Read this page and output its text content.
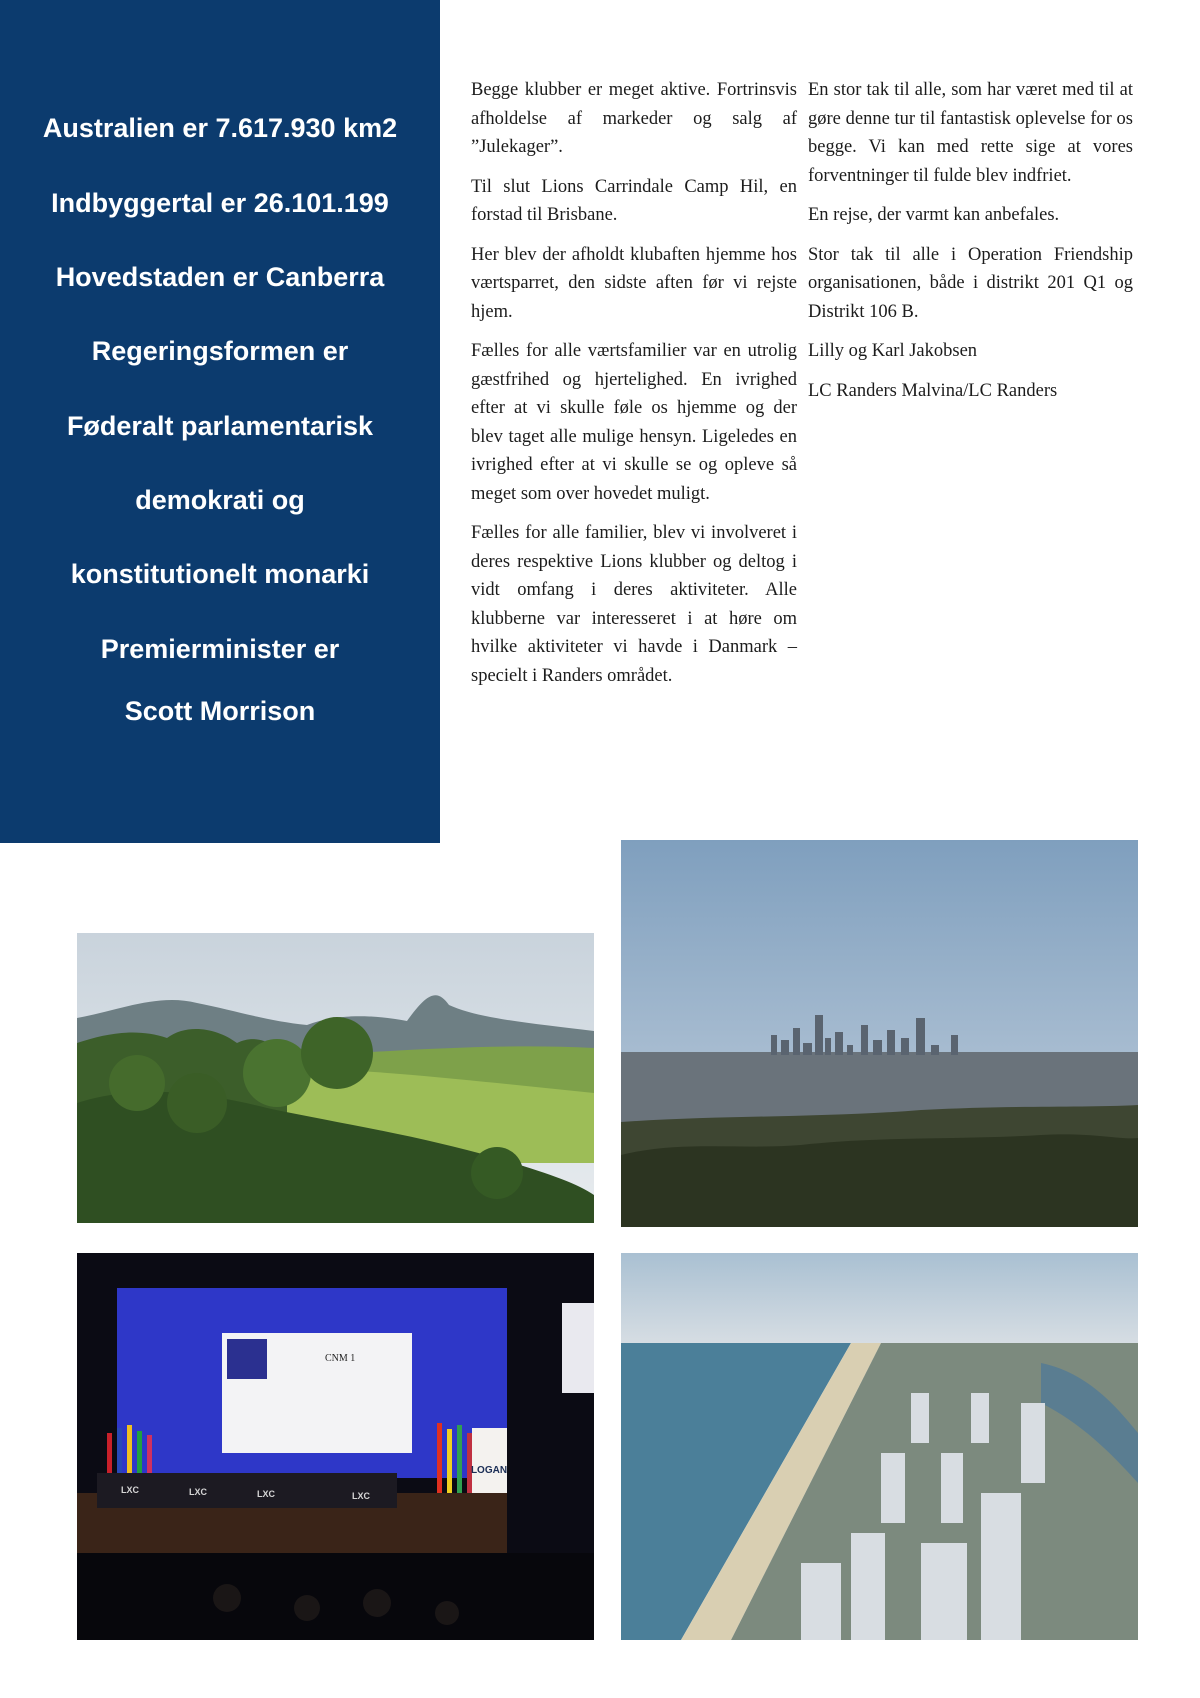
Australien er 7.617.930 km2
Indbyggertal er 26.101.199
Hovedstaden er Canberra
Regeringsformen er
Føderalt parlamentarisk
demokrati og
konstitutionelt monarki
Premierminister er
Scott Morrison

Begge klubber er meget aktive. Fortrinsvis afholdelse af markeder og salg af ”Julekager”.

Til slut Lions Carrindale Camp Hil, en forstad til Brisbane.

Her blev der afholdt klubaften hjemme hos værtsparret, den sidste aften før vi rejste hjem.

Fælles for alle værtsfamilier var en utrolig gæstfrihed og hjertelighed. En ivrighed efter at vi skulle føle os hjemme og der blev taget alle mulige hensyn. Ligeledes en ivrighed efter at vi skulle se og opleve så meget som over hovedet muligt.

Fælles for alle familier, blev vi involveret i deres respektive Lions klubber og deltog i vidt omfang i deres aktiviteter. Alle klubberne var interesseret i at høre om hvilke aktiviteter vi havde i Danmark – specielt i Randers området.

En stor tak til alle, som har været med til at gøre denne tur til fantastisk oplevelse for os begge. Vi kan med rette sige at vores forventninger til fulde blev indfriet.

En rejse, der varmt kan anbefales.

Stor tak til alle i Operation Friendship organisationen, både i distrikt 201 Q1 og Distrikt 106 B.

Lilly og Karl Jakobsen

LC Randers Malvina/LC Randers

CNM 1
LOGAN
LXC	LXC	LXC	LXC
